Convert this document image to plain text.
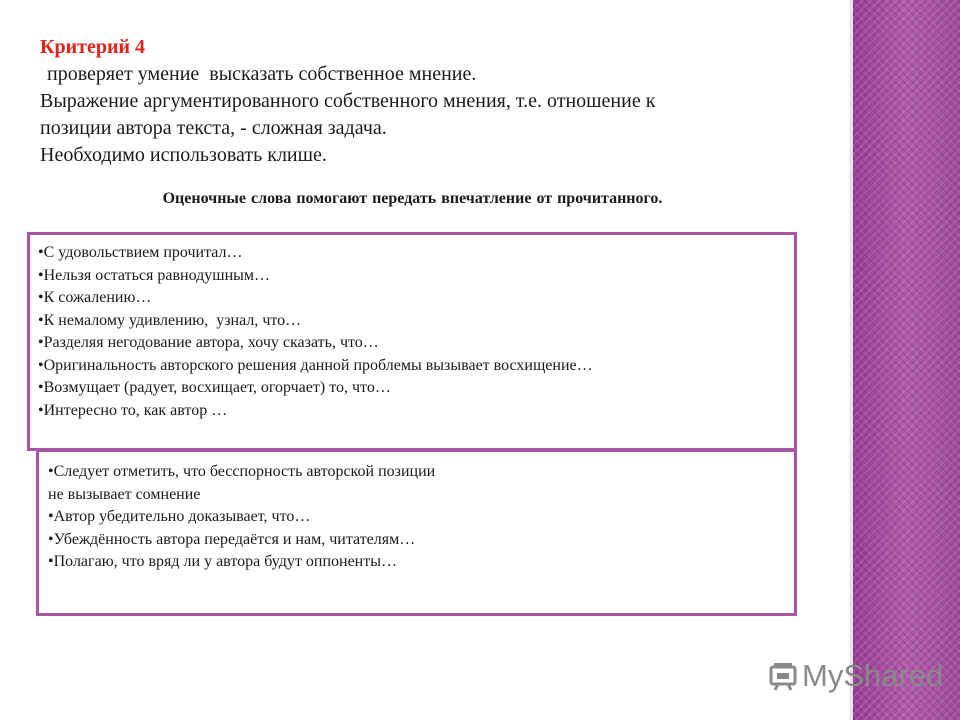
Критерий 4
проверяет умение  высказать собственное мнение.
Выражение аргументированного собственного мнения, т.е. отношение к
позиции автора текста, - сложная задача.
Необходимо использовать клише.
Оценочные слова помогают передать впечатление от прочитанного.
•С удовольствием прочитал…
•Нельзя остаться равнодушным…
•К сожалению…
•К немалому удивлению,  узнал, что…
•Разделяя негодование автора, хочу сказать, что…
•Оригинальность авторского решения данной проблемы вызывает восхищение…
•Возмущает (радует, восхищает, огорчает) то, что…
•Интересно то, как автор …
•Следует отметить, что бесспорность авторской позиции
не вызывает сомнение
•Автор убедительно доказывает, что…
•Убеждённость автора передаётся и нам, читателям…
•Полагаю, что вряд ли у автора будут оппоненты…
MyShared
